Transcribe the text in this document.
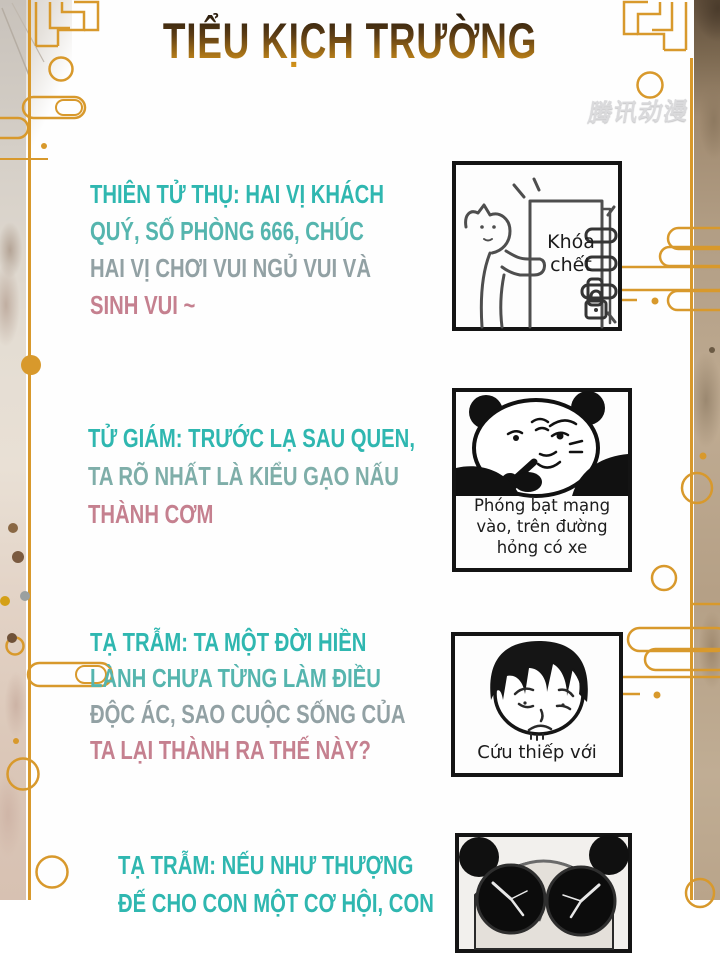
TIỂU KỊCH TRƯỜNG
腾讯动漫
THIÊN TỬ THỤ: HAI VỊ KHÁCH
QUÝ, SỐ PHÒNG 666, CHÚC
HAI VỊ CHƠI VUI NGỦ VUI VÀ
SINH VUI ~
TỬ GIÁM: TRƯỚC LẠ SAU QUEN,
TA RÕ NHẤT LÀ KIỂU GẠO NẤU
THÀNH CƠM
TẠ TRẪM: TA MỘT ĐỜI HIỀN
LÀNH CHƯA TỪNG LÀM ĐIỀU
ĐỘC ÁC, SAO CUỘC SỐNG CỦA
TA LẠI THÀNH RA THẾ NÀY?
TẠ TRẪM: NẾU NHƯ THƯỢNG
ĐẾ CHO CON MỘT CƠ HỘI, CON
Khóa
chết
Phóng bạt mạng
vào, trên đường
hỏng có xe
Cứu thiếp với
